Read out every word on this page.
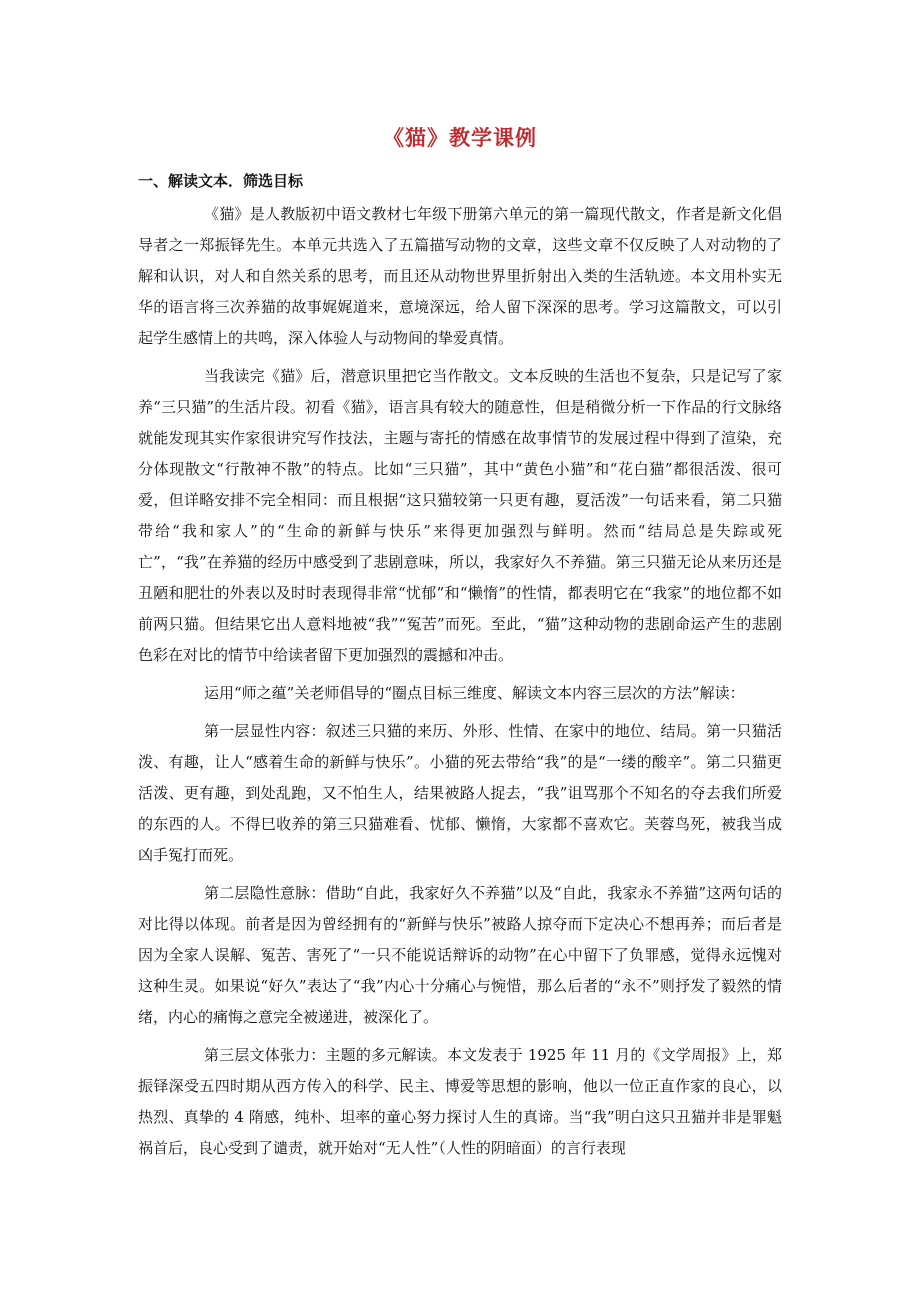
《猫》教学课例
一、解读文本．筛选目标

《猫》是人教版初中语文教材七年级下册第六单元的第一篇现代散文，作者是新文化倡导者之一郑振铎先生。本单元共选入了五篇描写动物的文章，这些文章不仅反映了人对动物的了解和认识，对人和自然关系的思考，而且还从动物世界里折射出入类的生活轨迹。本文用朴实无华的语言将三次养猫的故事娓娓道来，意境深远，给人留下深深的思考。学习这篇散文，可以引起学生感情上的共鸣，深入体验人与动物间的挚爱真情。

当我读完《猫》后，潜意识里把它当作散文。文本反映的生活也不复杂，只是记写了家养“三只猫”的生活片段。初看《猫》，语言具有较大的随意性，但是稍微分析一下作品的行文脉络就能发现其实作家很讲究写作技法，主题与寄托的情感在故事情节的发展过程中得到了渲染，充分体现散文“行散神不散”的特点。比如“三只猫”，其中“黄色小猫”和“花白猫”都很活泼、很可爱，但详略安排不完全相同：而且根据“这只猫较第一只更有趣，夏活泼”一句话来看，第二只猫带给“我和家人”的“生命的新鲜与快乐”来得更加强烈与鲜明。然而“结局总是失踪或死亡”，“我”在养猫的经历中感受到了悲剧意味，所以，我家好久不养猫。第三只猫无论从来历还是丑陋和肥壮的外表以及时时表现得非常“忧郁”和“懒惰”的性情，都表明它在“我家”的地位都不如前两只猫。但结果它出人意料地被“我”“冤苦”而死。至此，“猫”这种动物的悲剧命运产生的悲剧色彩在对比的情节中给读者留下更加强烈的震撼和冲击。

运用“师之蕴”关老师倡导的“圈点目标三维度、解读文本内容三层次的方法”解读：

第一层显性内容：叙述三只猫的来历、外形、性情、在家中的地位、结局。第一只猫活泼、有趣，让人“感着生命的新鲜与快乐”。小猫的死去带给“我”的是“一缕的酸辛”。第二只猫更活泼、更有趣，到处乱跑，又不怕生人，结果被路人捉去，“我”诅骂那个不知名的夺去我们所爱的东西的人。不得巳收养的第三只猫难看、忧郁、懒惰，大家都不喜欢它。芙蓉鸟死，被我当成凶手冤打而死。

第二层隐性意脉：借助“自此，我家好久不养猫”以及“自此，我家永不养猫”这两句话的对比得以体现。前者是因为曾经拥有的“新鲜与快乐”被路人掠夺而下定决心不想再养；而后者是因为全家人误解、冤苦、害死了“一只不能说话辩诉的动物”在心中留下了负罪感，觉得永远愧对这种生灵。如果说“好久”表达了“我”内心十分痛心与惋惜，那么后者的“永不”则抒发了毅然的情绪，内心的痛悔之意完全被递进，被深化了。

第三层文体张力：主题的多元解读。本文发表于 1925 年 11 月的《文学周报》上，郑振铎深受五四时期从西方传入的科学、民主、博爱等思想的影响，他以一位正直作家的良心，以热烈、真挚的 4 隋感，纯朴、坦率的童心努力探讨人生的真谛。当“我”明白这只丑猫并非是罪魁祸首后，良心受到了谴责，就开始对“无人性”（人性的阴暗面）的言行表现
